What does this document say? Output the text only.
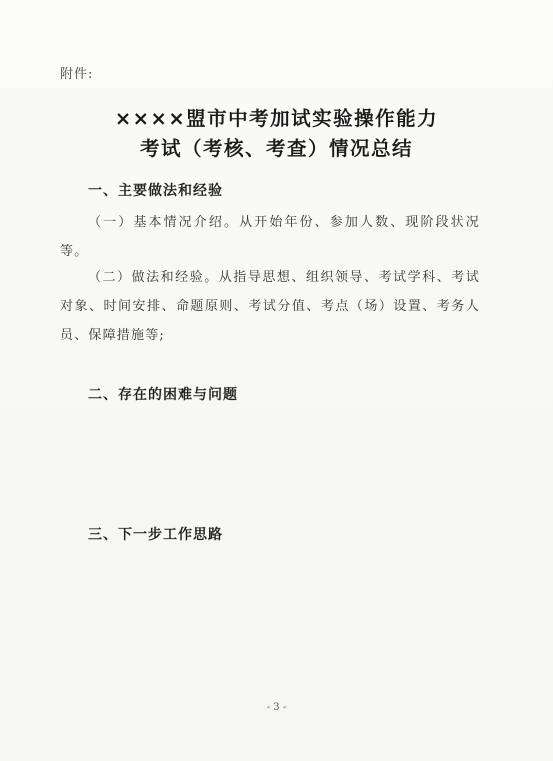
附件:
××××盟市中考加试实验操作能力
考试（考核、考查）情况总结
一、主要做法和经验
（一）基本情况介绍。从开始年份、参加人数、现阶段状况等。
（二）做法和经验。从指导思想、组织领导、考试学科、考试对象、时间安排、命题原则、考试分值、考点（场）设置、考务人员、保障措施等;
二、存在的困难与问题
三、下一步工作思路
- 3 -
